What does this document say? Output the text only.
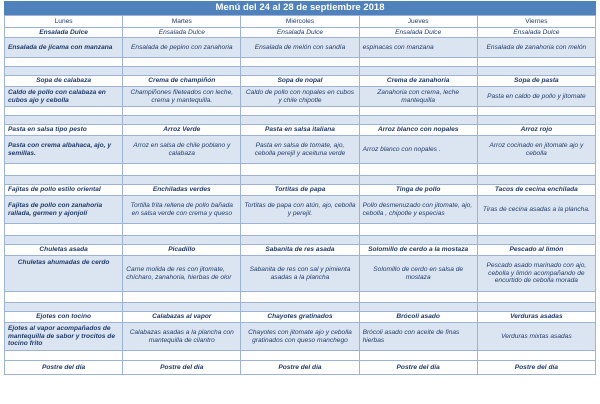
Menú del 24 al 28 de septiembre 2018
Lunes	Martes	Miércoles	Jueves	Viernes
Ensalada Dulce	Ensalada Dulce	Ensalada Dulce	Ensalada Dulce	Ensalada Dulce
Ensalada de jícama con manzana	Ensalada de pepino con zanahoria	Ensalada de melón con sandía	espinacas con manzana	Ensalada de zanahoria con melón

Sopa de calabaza	Crema de champiñón	Sopa de nopal	Crema de zanahoria	Sopa de pasta
Caldo de pollo con calabaza en cubos ajo y cebolla	Champiñones fileteados con leche, crema y mantequilla.	Caldo de pollo con nopales en cubos y chile chipotle	Zanahoria con crema, leche mantequilla	Pasta en caldo de pollo y jitomate

Pasta en salsa tipo pesto	Arroz Verde	Pasta en salsa italiana	Arroz blanco con nopales	Arroz rojo
Pasta con crema albahaca, ajo, y semillas.	Arroz en salsa de chile poblano y calabaza	Pasta en salsa de tomate, ajo, cebolla perejil y aceituna verde	Arroz blanco con nopales .	Arroz cocinado en jitomate ajo y cebolla

Fajitas de pollo estilo oriental	Enchiladas verdes	Tortitas de papa	Tinga de pollo	Tacos de cecina enchilada
Fajitas de pollo con zanahoria rallada, germen y ajonjolí	Tortilla frita rellena de pollo bañada en salsa verde con crema y queso	Tortitas de papa con atún, ajo, cebolla y perejil.	Pollo desmenuzado con jitomate, ajo, cebolla , chipotle y especias	Tiras de cecina asadas a la plancha.

Chuletas asada	Picadillo	Sabanita de res asada	Solomillo de cerdo a la mostaza	Pescado al limón
Chuletas ahumadas de cerdo	Carne molida de res con jitomate, chícharo, zanahoria, hierbas de olor	Sabanita de res con sal y pimienta asadas a la plancha	Solomillo de cerdo en salsa de mostaza	Pescado asado marinado con ajo, cebolla y limón acompañando de encurtido de cebolla morada

Ejotes con tocino	Calabazas al vapor	Chayotes gratinados	Brócoli asado	Verduras asadas
Ejotes al vapor acompañados de mantequilla de sabor y trocitos de tocino frito	Calabazas asadas a la plancha con mantequilla de cilantro	Chayotes con jitomate ajo y cebolla gratinados con queso manchego	Brócoli asado con aceite de finas hierbas	Verduras mixtas asadas

Postre del día	Postre del día	Postre del día	Postre del día	Postre del día
